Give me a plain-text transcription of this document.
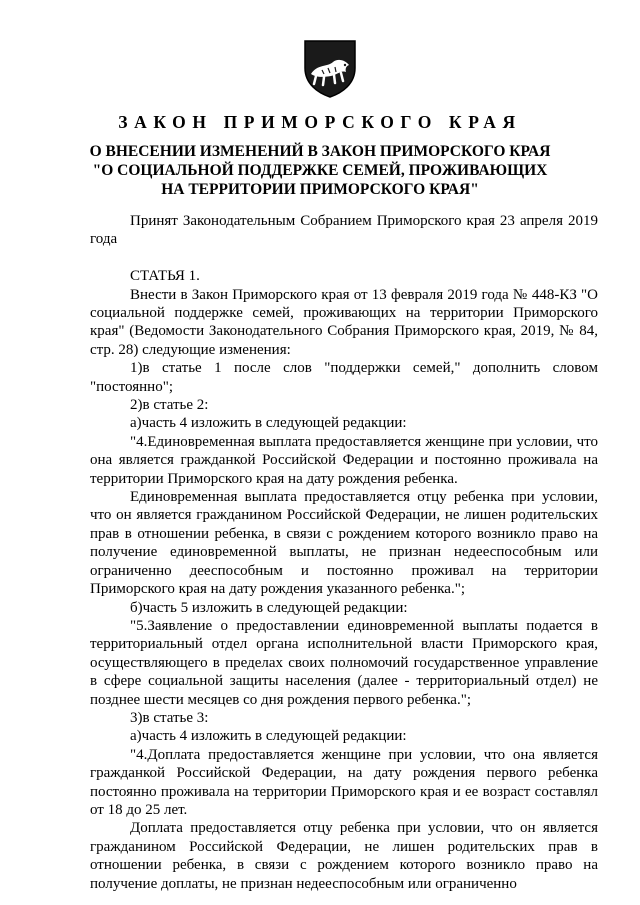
ЗАКОН ПРИМОРСКОГО КРАЯ
О ВНЕСЕНИИ ИЗМЕНЕНИЙ В ЗАКОН ПРИМОРСКОГО КРАЯ
"О СОЦИАЛЬНОЙ ПОДДЕРЖКЕ СЕМЕЙ, ПРОЖИВАЮЩИХ
НА ТЕРРИТОРИИ ПРИМОРСКОГО КРАЯ"

Принят Законодательным Собранием Приморского края 23 апреля 2019 года

СТАТЬЯ 1.

Внести в Закон Приморского края от 13 февраля 2019 года № 448-КЗ "О социальной поддержке семей, проживающих на территории Приморского края" (Ведомости Законодательного Собрания Приморского края, 2019, № 84, стр. 28) следующие изменения:

1)в статье 1 после слов "поддержки семей," дополнить словом "постоянно";

2)в статье 2:

а)часть 4 изложить в следующей редакции:

"4.Единовременная выплата предоставляется женщине при условии, что она является гражданкой Российской Федерации и постоянно проживала на территории Приморского края на дату рождения ребенка.

Единовременная выплата предоставляется отцу ребенка при условии, что он является гражданином Российской Федерации, не лишен родительских прав в отношении ребенка, в связи с рождением которого возникло право на получение единовременной выплаты, не признан недееспособным или ограниченно дееспособным и постоянно проживал на территории Приморского края на дату рождения указанного ребенка.";

б)часть 5 изложить в следующей редакции:

"5.Заявление о предоставлении единовременной выплаты подается в территориальный отдел органа исполнительной власти Приморского края, осуществляющего в пределах своих полномочий государственное управление в сфере социальной защиты населения (далее - территориальный отдел) не позднее шести месяцев со дня рождения первого ребенка.";

3)в статье 3:

а)часть 4 изложить в следующей редакции:

"4.Доплата предоставляется женщине при условии, что она является гражданкой Российской Федерации, на дату рождения первого ребенка постоянно проживала на территории Приморского края и ее возраст составлял от 18 до 25 лет.

Доплата предоставляется отцу ребенка при условии, что он является гражданином Российской Федерации, не лишен родительских прав в отношении ребенка, в связи с рождением которого возникло право на получение доплаты, не признан недееспособным или ограниченно
